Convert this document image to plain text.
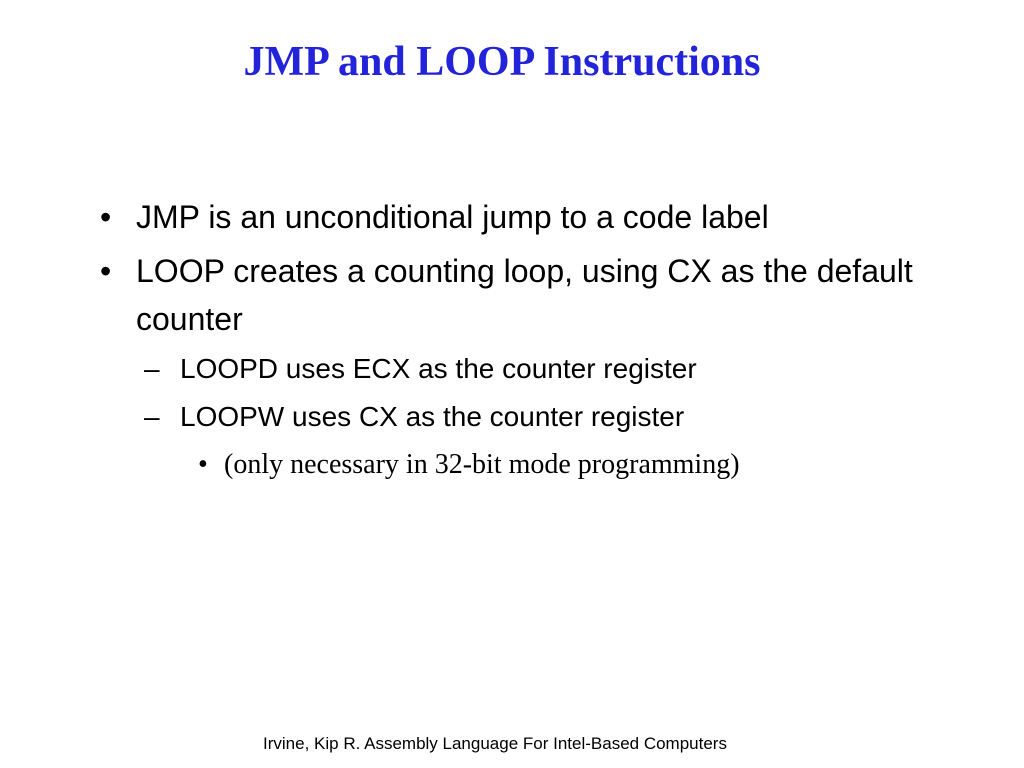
JMP and LOOP Instructions
• JMP is an unconditional jump to a code label
• LOOP creates a counting loop, using CX as the default counter
– LOOPD uses ECX as the counter register
– LOOPW uses CX as the counter register
• (only necessary in 32-bit mode programming)
Irvine, Kip R. Assembly Language For Intel-Based Computers
